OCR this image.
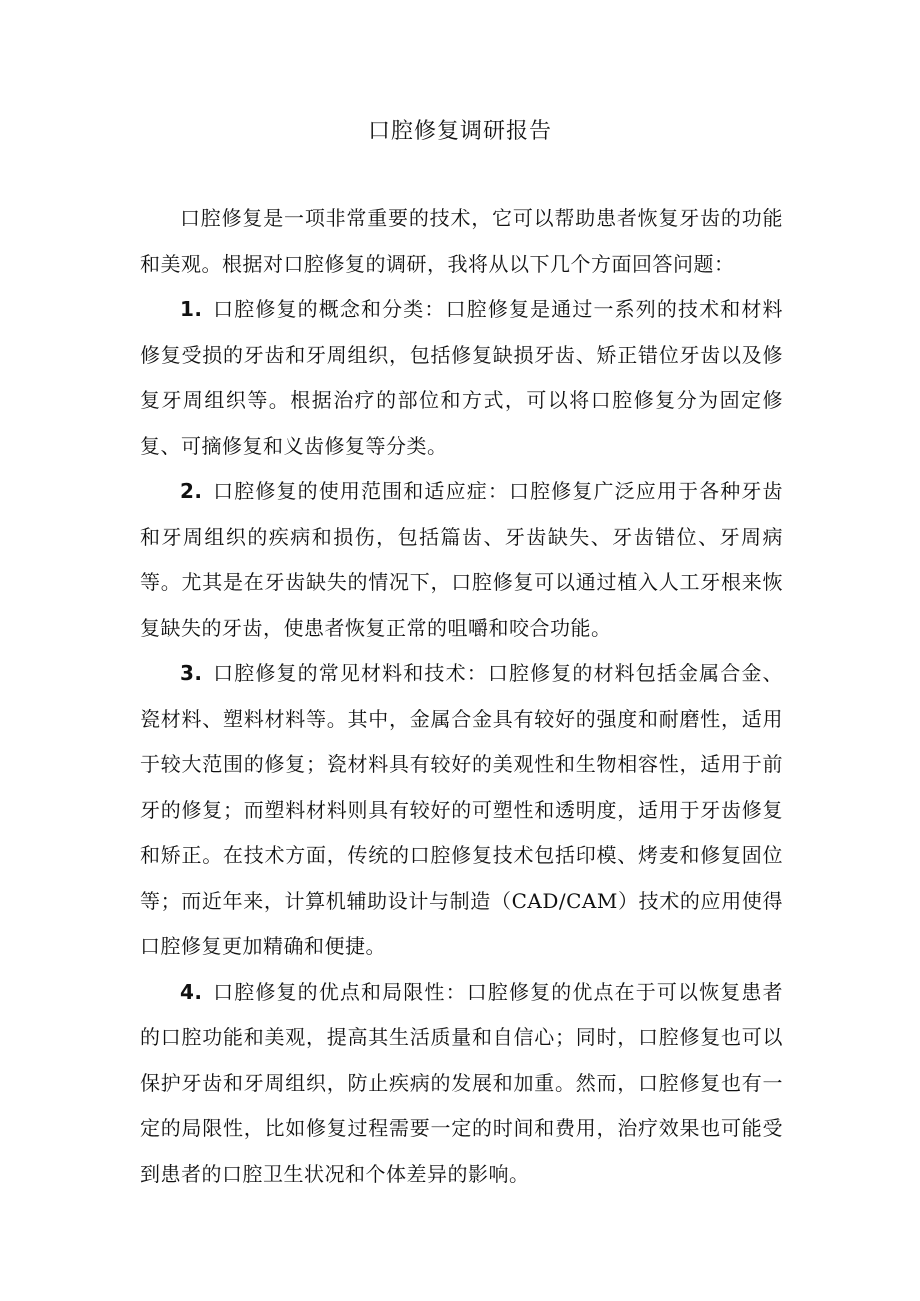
口腔修复调研报告

口腔修复是一项非常重要的技术，它可以帮助患者恢复牙齿的功能和美观。根据对口腔修复的调研，我将从以下几个方面回答问题：

1. 口腔修复的概念和分类：口腔修复是通过一系列的技术和材料修复受损的牙齿和牙周组织，包括修复缺损牙齿、矫正错位牙齿以及修复牙周组织等。根据治疗的部位和方式，可以将口腔修复分为固定修复、可摘修复和义齿修复等分类。

2. 口腔修复的使用范围和适应症：口腔修复广泛应用于各种牙齿和牙周组织的疾病和损伤，包括篇齿、牙齿缺失、牙齿错位、牙周病等。尤其是在牙齿缺失的情况下，口腔修复可以通过植入人工牙根来恢复缺失的牙齿，使患者恢复正常的咀嚼和咬合功能。

3. 口腔修复的常见材料和技术：口腔修复的材料包括金属合金、瓷材料、塑料材料等。其中，金属合金具有较好的强度和耐磨性，适用于较大范围的修复；瓷材料具有较好的美观性和生物相容性，适用于前牙的修复；而塑料材料则具有较好的可塑性和透明度，适用于牙齿修复和矫正。在技术方面，传统的口腔修复技术包括印模、烤麦和修复固位等；而近年来，计算机辅助设计与制造（CAD/CAM）技术的应用使得口腔修复更加精确和便捷。

4. 口腔修复的优点和局限性：口腔修复的优点在于可以恢复患者的口腔功能和美观，提高其生活质量和自信心；同时，口腔修复也可以保护牙齿和牙周组织，防止疾病的发展和加重。然而，口腔修复也有一定的局限性，比如修复过程需要一定的时间和费用，治疗效果也可能受到患者的口腔卫生状况和个体差异的影响。
